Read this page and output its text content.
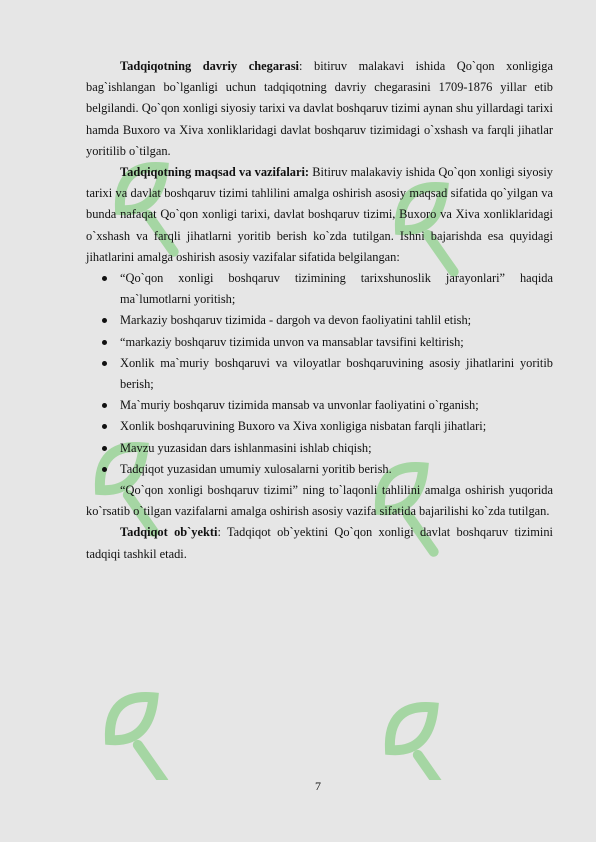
Tadqiqotning davriy chegarasi: bitiruv malakavi ishida Qo`qon xonligiga bag`ishlangan bo`lganligi uchun tadqiqotning davriy chegarasini 1709-1876 yillar etib belgilandi. Qo`qon xonligi siyosiy tarixi va davlat boshqaruv tizimi aynan shu yillardagi tarixi hamda Buxoro va Xiva xonliklaridagi davlat boshqaruv tizimidagi o`xshash va farqli jihatlar yoritilib o`tilgan.

Tadqiqotning maqsad va vazifalari: Bitiruv malakaviy ishida Qo`qon xonligi siyosiy tarixi va davlat boshqaruv tizimi tahlilini amalga oshirish asosiy maqsad sifatida qo`yilgan va bunda nafaqat Qo`qon xonligi tarixi, davlat boshqaruv tizimi, Buxoro va Xiva xonliklaridagi o`xshash va farqli jihatlarni yoritib berish ko`zda tutilgan. Ishni bajarishda esa quyidagi jihatlarini amalga oshirish asosiy vazifalar sifatida belgilangan:

“Qo`qon xonligi boshqaruv tizimining tarixshunoslik jarayonlari” haqida ma`lumotlarni yoritish;
Markaziy boshqaruv tizimida - dargoh va devon faoliyatini tahlil etish;
“markaziy boshqaruv tizimida unvon va mansablar tavsifini keltirish;
Xonlik ma`muriy boshqaruvi va viloyatlar boshqaruvining asosiy jihatlarini yoritib berish;
Ma`muriy boshqaruv tizimida mansab va unvonlar faoliyatini o`rganish;
Xonlik boshqaruvining Buxoro va Xiva xonligiga nisbatan farqli jihatlari;
Mavzu yuzasidan dars ishlanmasini ishlab chiqish;
Tadqiqot yuzasidan umumiy xulosalarni yoritib berish.

“Qo`qon xonligi boshqaruv tizimi” ning to`laqonli tahlilini amalga oshirish yuqorida ko`rsatib o`tilgan vazifalarni amalga oshirish asosiy vazifa sifatida bajarilishi ko`zda tutilgan.

Tadqiqot ob`yekti: Tadqiqot ob`yektini Qo`qon xonligi davlat boshqaruv tizimini tadqiqi tashkil etadi.

7
